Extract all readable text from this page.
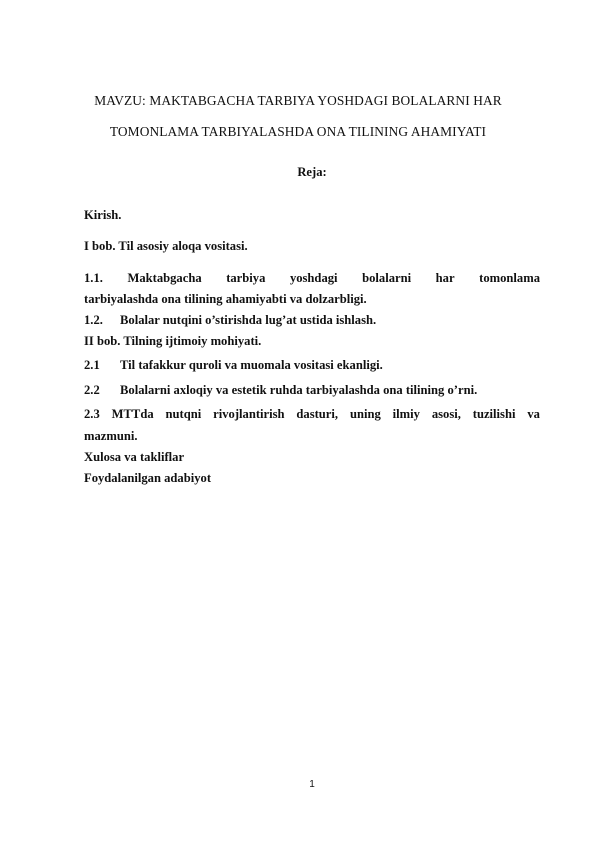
MAVZU: MAKTABGACHA TARBIYA YOSHDAGI BOLALARNI HAR
TOMONLAMA TARBIYALASHDA ONA TILINING AHAMIYATI
Reja:
Kirish.
I bob. Til asosiy aloqa vositasi.
1.1. Maktabgacha tarbiya yoshdagi bolalarni har tomonlama
tarbiyalashda ona tilining ahamiyabti va dolzarbligi.
1.2. Bolalar nutqini o’stirishda lug’at ustida ishlash.
II bob. Tilning ijtimoiy mohiyati.
2.1 Til tafakkur quroli va muomala vositasi ekanligi.
2.2 Bolalarni axloqiy va estetik ruhda tarbiyalashda ona tilining o’rni.
2.3 MTTda nutqni rivojlantirish dasturi, uning ilmiy asosi, tuzilishi va
mazmuni.
Xulosa va takliflar
Foydalanilgan adabiyot
1
